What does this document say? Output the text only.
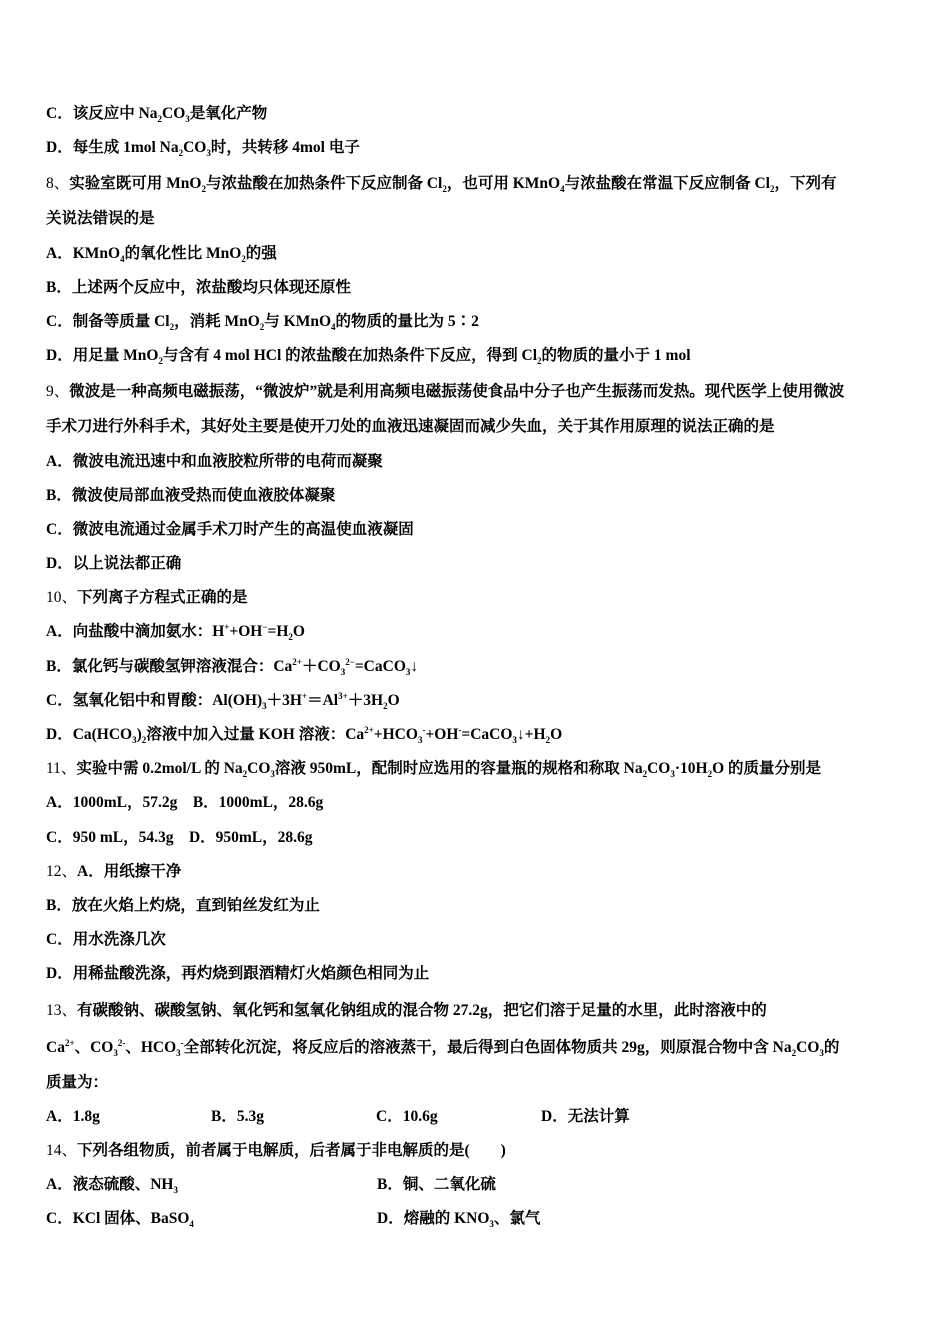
C．该反应中 $Na_2CO_3$是氧化产物
D．每生成 1mol $Na_2CO_3$时，共转移 4mol 电子
8、实验室既可用 MnO$_2$与浓盐酸在加热条件下反应制备 $Cl_2$，也可用 KMnO$_4$与浓盐酸在常温下反应制备 $Cl_2$，下列有
关说法错误的是
A．KMnO$_4$的氧化性比 MnO$_2$的强
B．上述两个反应中，浓盐酸均只体现还原性
C．制备等质量 $Cl_2$，消耗 MnO$_2$与 KMnO$_4$的物质的量比为 5∶2
D．用足量 MnO$_2$与含有 4 mol HCl 的浓盐酸在加热条件下反应，得到 $Cl_2$的物质的量小于 1 mol
9、微波是一种高频电磁振荡，“微波炉”就是利用高频电磁振荡使食品中分子也产生振荡而发热。现代医学上使用微波
手术刀进行外科手术，其好处主要是使开刀处的血液迅速凝固而减少失血，关于其作用原理的说法正确的是
A．微波电流迅速中和血液胶粒所带的电荷而凝聚
B．微波使局部血液受热而使血液胶体凝聚
C．微波电流通过金属手术刀时产生的高温使血液凝固
D．以上说法都正确
10、下列离子方程式正确的是
A．向盐酸中滴加氨水：$H^++OH^-=H_2O$
B．氯化钙与碳酸氢钾溶液混合：$Ca^{2+}+CO_3^{2-}=CaCO_3↓$
C．氢氧化铝中和胃酸：$Al(OH)_3+3H^+=Al^{3+}+3H_2O$
D．$Ca(HCO_3)_2$溶液中加入过量 KOH 溶液：$Ca^{2+}+HCO_3^-+OH^-=CaCO_3↓+H_2O$
11、实验中需 0.2mol/L 的 $Na_2CO_3$溶液 950mL，配制时应选用的容量瓶的规格和称取 $Na_2CO_3\cdot 10H_2O$ 的质量分别是
A．1000mL，57.2g　B．1000mL，28.6g
C．950 mL，54.3g　D．950mL，28.6g
12、A．用纸擦干净
B．放在火焰上灼烧，直到铂丝发红为止
C．用水洗涤几次
D．用稀盐酸洗涤，再灼烧到跟酒精灯火焰颜色相同为止
13、有碳酸钠、碳酸氢钠、氧化钙和氢氧化钠组成的混合物 27.2g，把它们溶于足量的水里，此时溶液中的
$Ca^{2+}$、$CO_3^{2-}$、$HCO_3^-$全部转化沉淀，将反应后的溶液蒸干，最后得到白色固体物质共 29g，则原混合物中含 $Na_2CO_3$的
质量为：
A．1.8g	B．5.3g	C．10.6g	D．无法计算
14、下列各组物质，前者属于电解质，后者属于非电解质的是(　　)
A．液态硫酸、$NH_3$	B．铜、二氧化硫
C．KCl 固体、BaSO$_4$	D．熔融的 $KNO_3$、氯气
